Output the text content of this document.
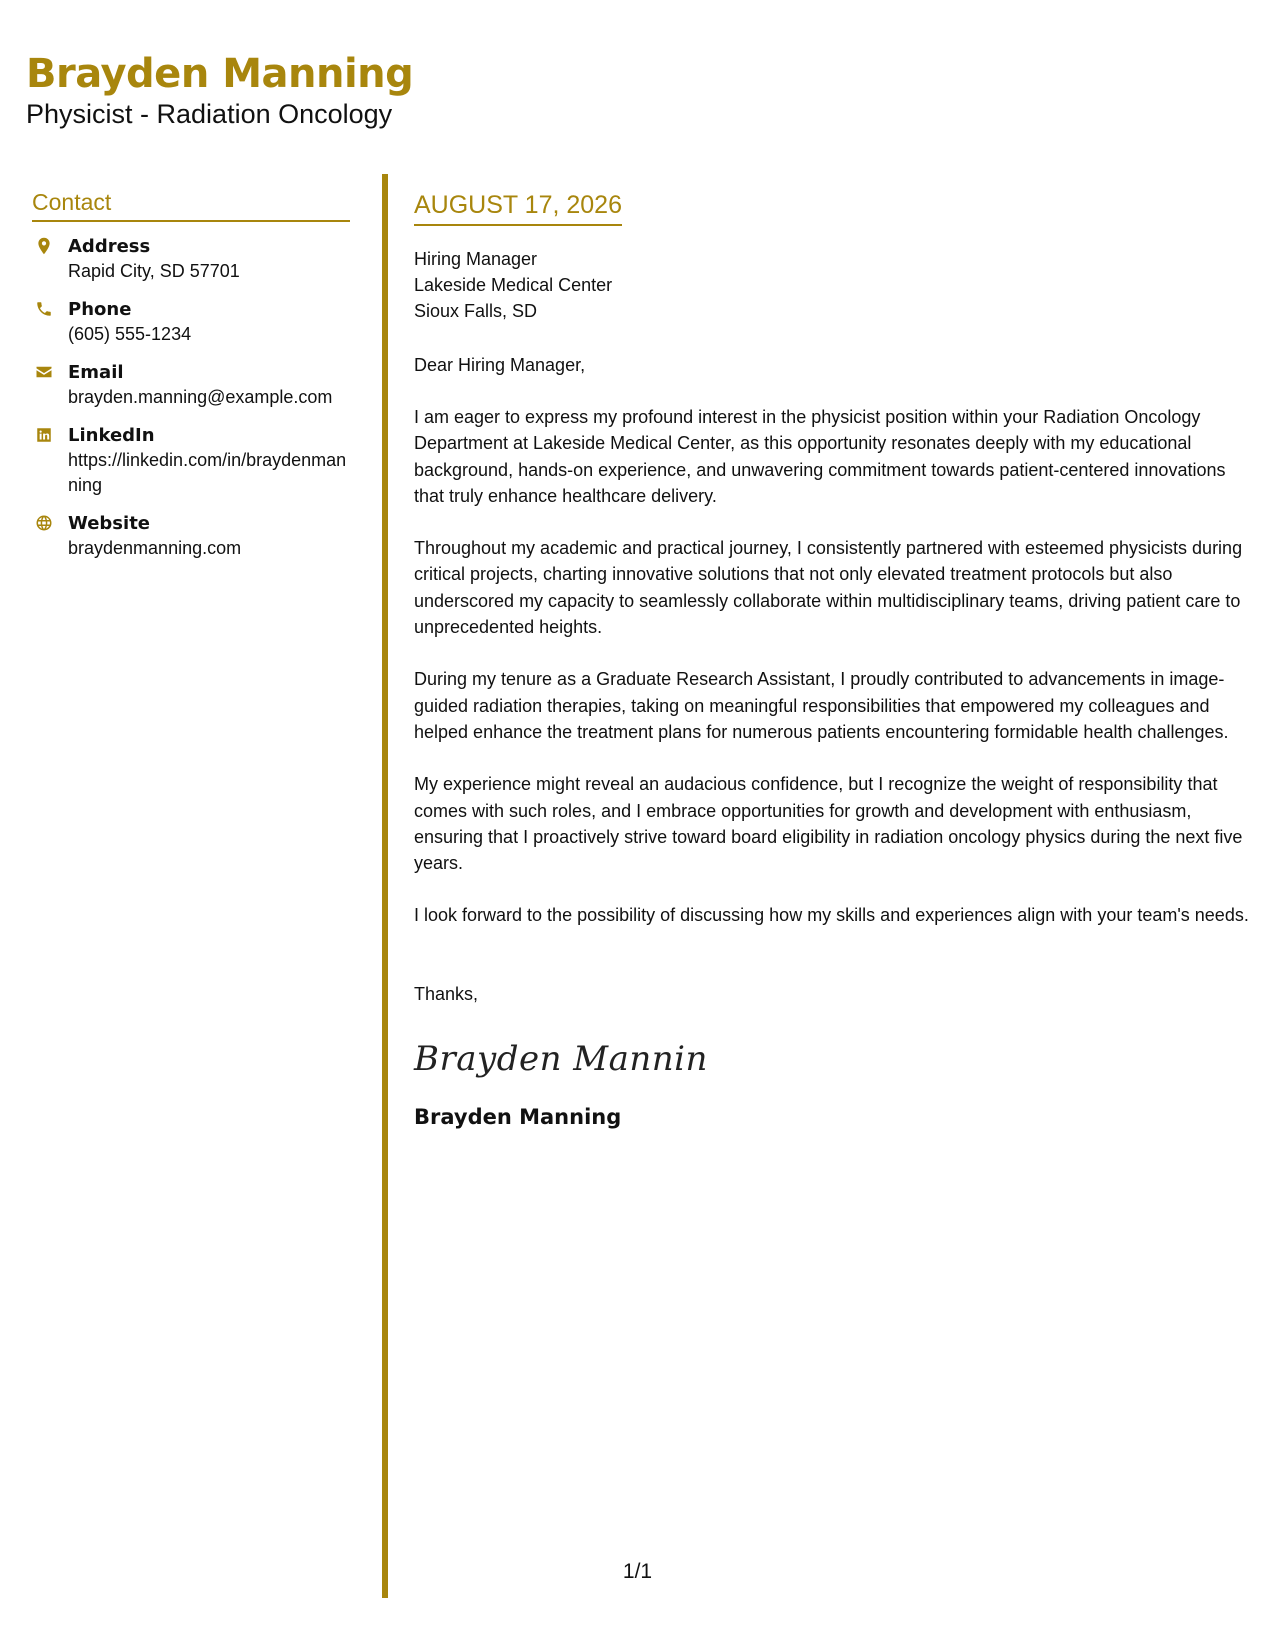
Brayden Manning
Physicist - Radiation Oncology
Contact
Address
Rapid City, SD 57701
Phone
(605) 555-1234
Email
brayden.manning@example.com
LinkedIn
https://linkedin.com/in/braydenmanning
Website
braydenmanning.com
AUGUST 17, 2026
Hiring Manager
Lakeside Medical Center
Sioux Falls, SD
Dear Hiring Manager,

I am eager to express my profound interest in the physicist position within your Radiation Oncology Department at Lakeside Medical Center, as this opportunity resonates deeply with my educational background, hands-on experience, and unwavering commitment towards patient-centered innovations that truly enhance healthcare delivery.

Throughout my academic and practical journey, I consistently partnered with esteemed physicists during critical projects, charting innovative solutions that not only elevated treatment protocols but also underscored my capacity to seamlessly collaborate within multidisciplinary teams, driving patient care to unprecedented heights.

During my tenure as a Graduate Research Assistant, I proudly contributed to advancements in image-guided radiation therapies, taking on meaningful responsibilities that empowered my colleagues and helped enhance the treatment plans for numerous patients encountering formidable health challenges.

My experience might reveal an audacious confidence, but I recognize the weight of responsibility that comes with such roles, and I embrace opportunities for growth and development with enthusiasm, ensuring that I proactively strive toward board eligibility in radiation oncology physics during the next five years.

I look forward to the possibility of discussing how my skills and experiences align with your team's needs.

Thanks,
Brayden Mannin
Brayden Manning
1/1
